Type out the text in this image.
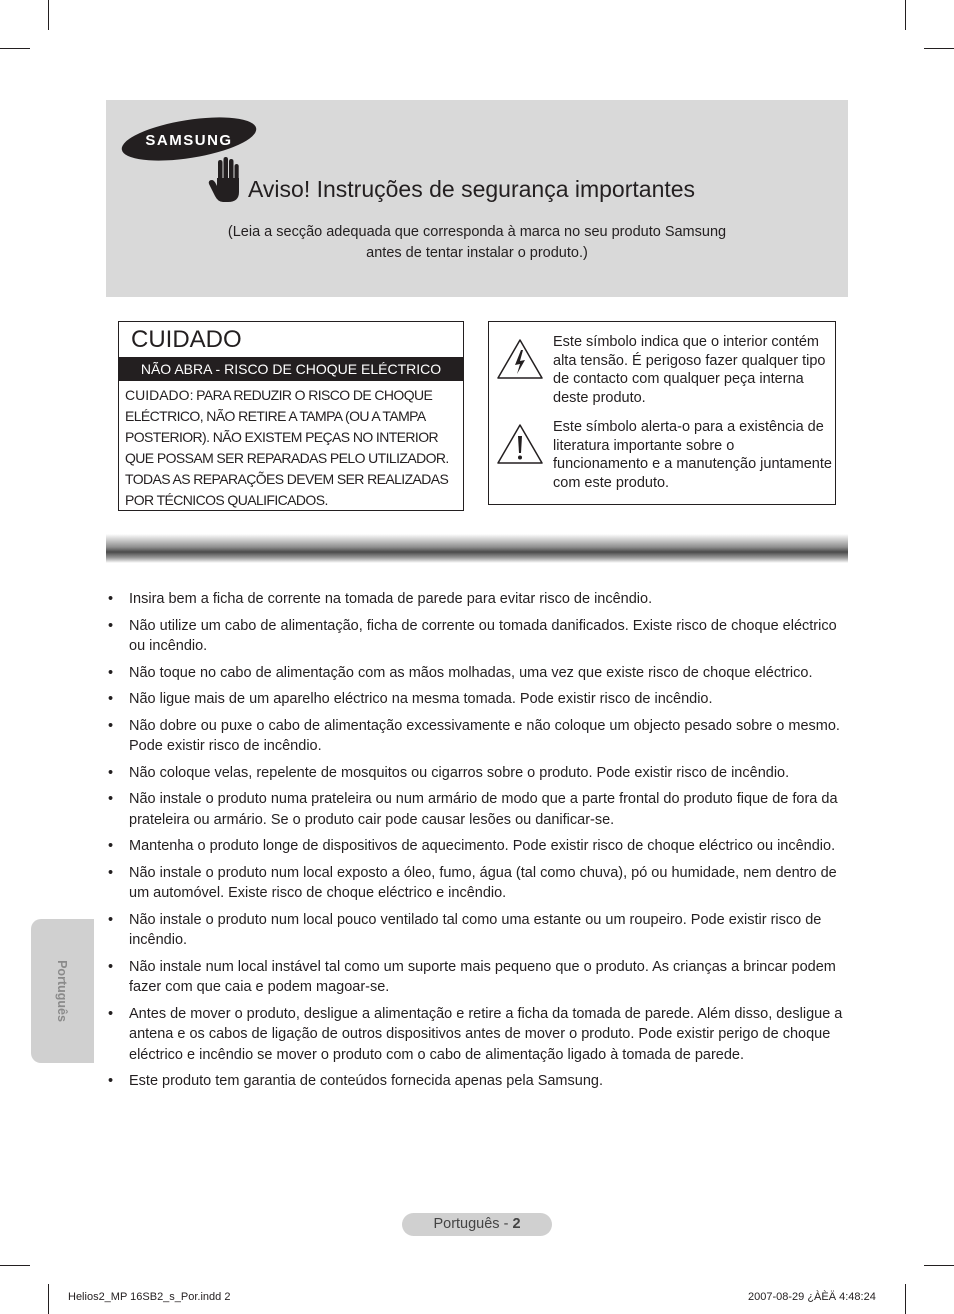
SAMSUNG
Aviso! Instruções de segurança importantes
(Leia a secção adequada que corresponda à marca no seu produto Samsung
antes de tentar instalar o produto.)
CUIDADO
NÃO ABRA - RISCO DE CHOQUE ELÉCTRICO
CUIDADO: PARA REDUZIR O RISCO DE CHOQUE ELÉCTRICO, NÃO RETIRE A TAMPA (OU A TAMPA POSTERIOR). NÃO EXISTEM PEÇAS NO INTERIOR QUE POSSAM SER REPARADAS PELO UTILIZADOR. TODAS AS REPARAÇÕES DEVEM SER REALIZADAS POR TÉCNICOS QUALIFICADOS.
Este símbolo indica que o interior contém alta tensão. É perigoso fazer qualquer tipo de contacto com qualquer peça interna deste produto.
Este símbolo alerta-o para a existência de literatura importante sobre o funcionamento e a manutenção juntamente com este produto.
• Insira bem a ficha de corrente na tomada de parede para evitar risco de incêndio.
• Não utilize um cabo de alimentação, ficha de corrente ou tomada danificados. Existe risco de choque eléctrico ou incêndio.
• Não toque no cabo de alimentação com as mãos molhadas, uma vez que existe risco de choque eléctrico.
• Não ligue mais de um aparelho eléctrico na mesma tomada. Pode existir risco de incêndio.
• Não dobre ou puxe o cabo de alimentação excessivamente e não coloque um objecto pesado sobre o mesmo.
Pode existir risco de incêndio.
• Não coloque velas, repelente de mosquitos ou cigarros sobre o produto. Pode existir risco de incêndio.
• Não instale o produto numa prateleira ou num armário de modo que a parte frontal do produto fique de fora da prateleira ou armário. Se o produto cair pode causar lesões ou danificar-se.
• Mantenha o produto longe de dispositivos de aquecimento. Pode existir risco de choque eléctrico ou incêndio.
• Não instale o produto num local exposto a óleo, fumo, água (tal como chuva), pó ou humidade, nem dentro de um automóvel. Existe risco de choque eléctrico e incêndio.
• Não instale o produto num local pouco ventilado tal como uma estante ou um roupeiro. Pode existir risco de incêndio.
• Não instale num local instável tal como um suporte mais pequeno que o produto. As crianças a brincar podem fazer com que caia e podem magoar-se.
• Antes de mover o produto, desligue a alimentação e retire a ficha da tomada de parede. Além disso, desligue a antena e os cabos de ligação de outros dispositivos antes de mover o produto. Pode existir perigo de choque eléctrico e incêndio se mover o produto com o cabo de alimentação ligado à tomada de parede.
• Este produto tem garantia de conteúdos fornecida apenas pela Samsung.
Português
Português - 2
Helios2_MP 16SB2_s_Por.indd 2	2007-08-29 ¿ÀÈÄ 4:48:24
